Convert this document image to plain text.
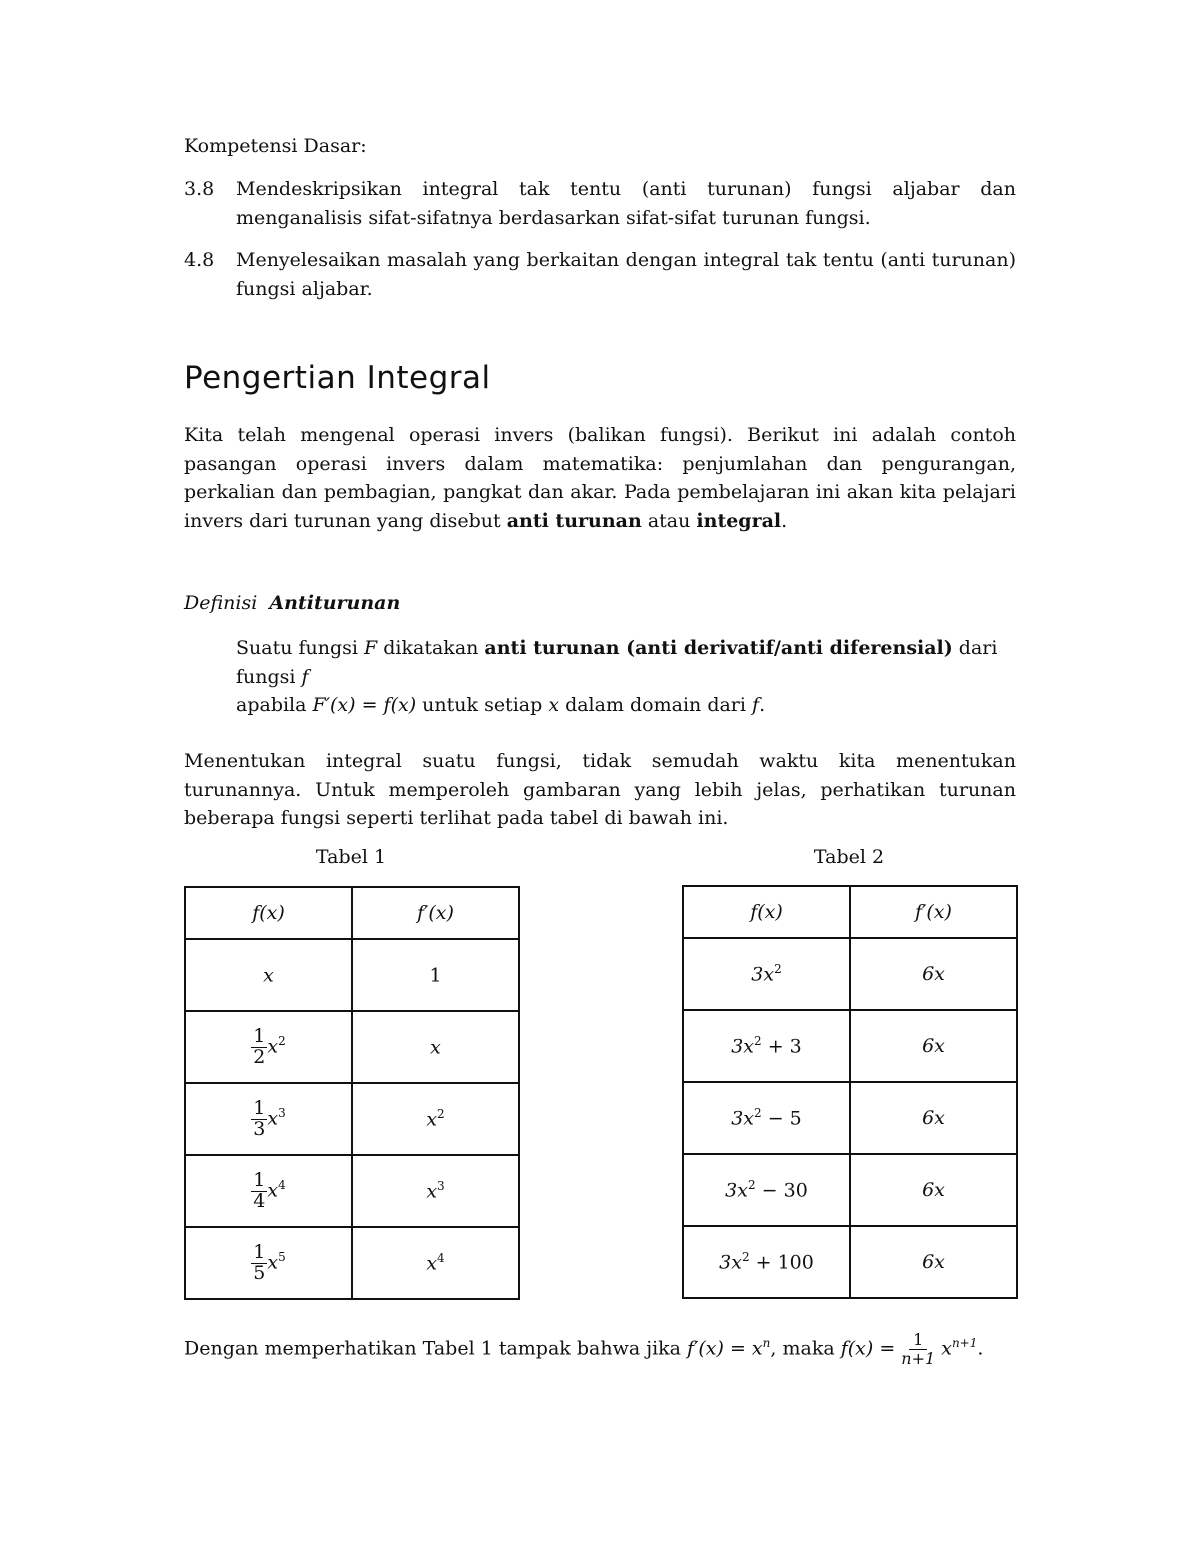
Kompetensi Dasar:
3.8	Mendeskripsikan integral tak tentu (anti turunan) fungsi aljabar dan menganalisis sifat-sifatnya berdasarkan sifat-sifat turunan fungsi.
4.8	Menyelesaikan masalah yang berkaitan dengan integral tak tentu (anti turunan) fungsi aljabar.
Pengertian Integral
Kita telah mengenal operasi invers (balikan fungsi). Berikut ini adalah contoh pasangan operasi invers dalam matematika: penjumlahan dan pengurangan, perkalian dan pembagian, pangkat dan akar. Pada pembelajaran ini akan kita pelajari invers dari turunan yang disebut anti turunan atau integral.
Definisi Antiturunan
Suatu fungsi F dikatakan anti turunan (anti derivatif/anti diferensial) dari fungsi f
apabila F′(x) = f(x) untuk setiap x dalam domain dari f.
Menentukan integral suatu fungsi, tidak semudah waktu kita menentukan turunannya. Untuk memperoleh gambaran yang lebih jelas, perhatikan turunan beberapa fungsi seperti terlihat pada tabel di bawah ini.
Tabel 1
f(x)	f′(x)
x	1

$\frac{1}{2} x^2$	x

$\frac{1}{3} x^3$	$x^2$

$\frac{1}{4} x^4$	$x^3$

$\frac{1}{5} x^5$	$x^4$
Tabel 2
f(x)	f′(x)
$3x^2$	6x
$3x^2 + 3$	6x
$3x^2 - 5$	6x
$3x^2 - 30$	6x
$3x^2 + 100$	6x
Dengan memperhatikan Tabel 1 tampak bahwa jika $f'(x) = x^n$, maka $f(x) = \frac{1}{n+1} x^{n+1}$.
